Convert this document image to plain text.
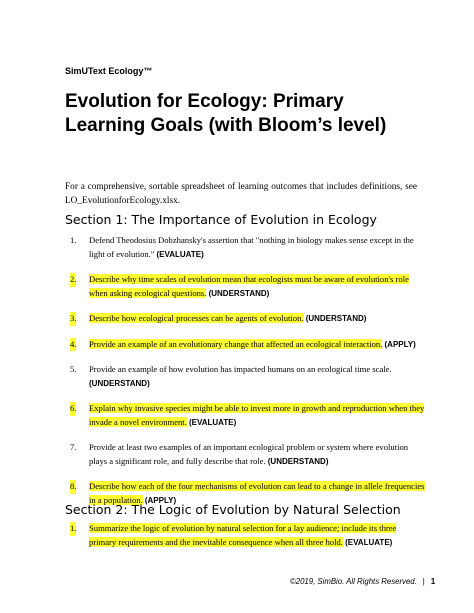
SimUText Ecology™
Evolution for Ecology: Primary Learning Goals (with Bloom’s level)

For a comprehensive, sortable spreadsheet of learning outcomes that includes definitions, see LO_EvolutionforEcology.xlsx.

Section 1: The Importance of Evolution in Ecology
1. Defend Theodosius Dobzhansky's assertion that "nothing in biology makes sense except in the light of evolution." (EVALUATE)
2. Describe why time scales of evolution mean that ecologists must be aware of evolution's role when asking ecological questions. (UNDERSTAND)
3. Describe how ecological processes can be agents of evolution. (UNDERSTAND)
4. Provide an example of an evolutionary change that affected an ecological interaction. (APPLY)
5. Provide an example of how evolution has impacted humans on an ecological time scale. (UNDERSTAND)
6. Explain why invasive species might be able to invest more in growth and reproduction when they invade a novel environment. (EVALUATE)
7. Provide at least two examples of an important ecological problem or system where evolution plays a significant role, and fully describe that role. (UNDERSTAND)
8. Describe how each of the four mechanisms of evolution can lead to a change in allele frequencies in a population. (APPLY)
Section 2: The Logic of Evolution by Natural Selection
1. Summarize the logic of evolution by natural selection for a lay audience; include its three primary requirements and the inevitable consequence when all three hold. (EVALUATE)
©2019, SimBio. All Rights Reserved. | 1
